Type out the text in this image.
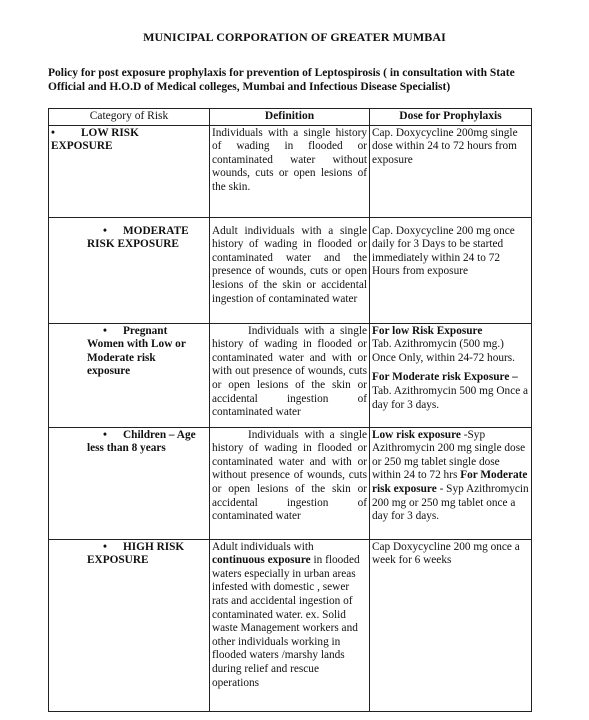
MUNICIPAL CORPORATION OF GREATER MUMBAI
Policy for post exposure prophylaxis for prevention of Leptospirosis ( in consultation with State Official and H.O.D of Medical colleges, Mumbai and Infectious Disease Specialist)
Category of Risk	Definition	Dose for Prophylaxis

• LOW RISK
EXPOSURE	Individuals with a single history of wading in flooded or contaminated water without wounds, cuts or open lesions of the skin.	Cap. Doxycycline 200mg single dose within 24 to 72 hours from exposure

• MODERATE
RISK EXPOSURE	Adult individuals with a single history of wading in flooded or contaminated water and the presence of wounds, cuts or open lesions of the skin or accidental ingestion of contaminated water	Cap. Doxycycline 200 mg once daily for 3 Days to be started immediately within 24 to 72 Hours from exposure

• Pregnant
Women with Low or
Moderate risk
exposure	Individuals with a single history of wading in flooded or contaminated water and with or with out presence of wounds, cuts or open lesions of the skin or accidental ingestion of contaminated water	For low Risk Exposure
Tab. Azithromycin (500 mg.) Once Only, within 24-72 hours.
For Moderate risk Exposure – Tab. Azithromycin 500 mg Once a day for 3 days.

• Children – Age
less than 8 years	Individuals with a single history of wading in flooded or contaminated water and with or without presence of wounds, cuts or open lesions of the skin or accidental ingestion of contaminated water	Low risk exposure -Syp Azithromycin 200 mg single dose or 250 mg tablet single dose within 24 to 72 hrs For Moderate risk exposure - Syp Azithromycin 200 mg or 250 mg tablet once a day for 3 days.

• HIGH RISK
EXPOSURE	Adult individuals with continuous exposure in flooded waters especially in urban areas infested with domestic , sewer rats and accidental ingestion of contaminated water. ex. Solid waste Management workers and other individuals working in flooded waters /marshy lands during relief and rescue operations	Cap Doxycycline 200 mg once a week for 6 weeks
